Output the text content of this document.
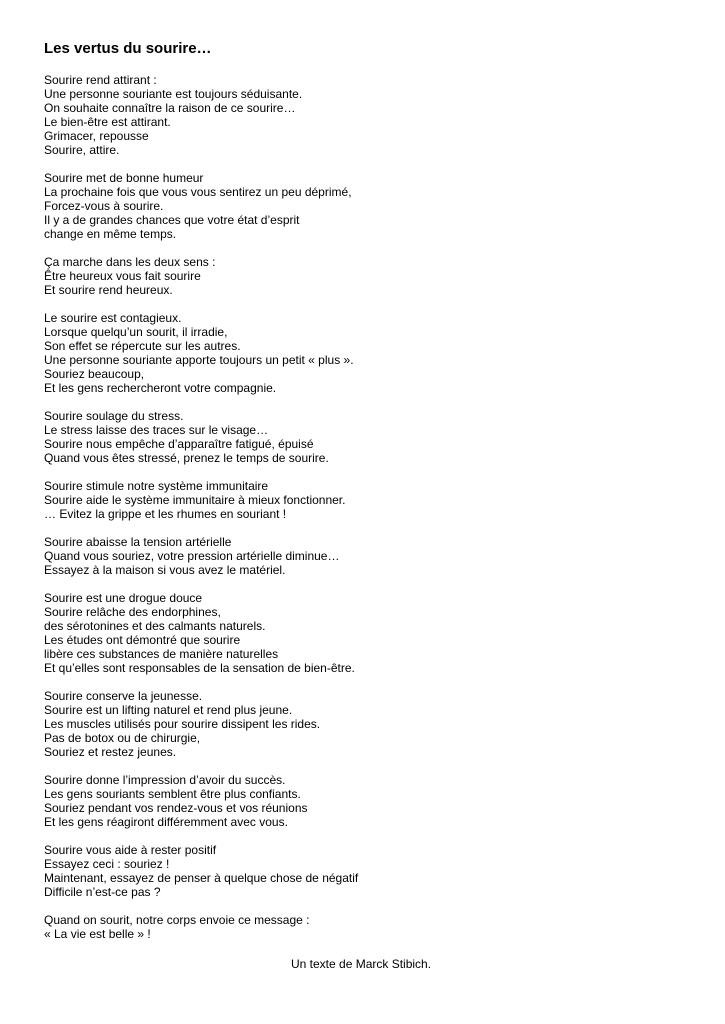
Les vertus du sourire…
Sourire rend attirant :
Une personne souriante est toujours séduisante.
On souhaite connaître la raison de ce sourire…
Le bien-être est attirant.
Grimacer, repousse
Sourire, attire.
Sourire met de bonne humeur
La prochaine fois que vous vous sentirez un peu déprimé,
Forcez-vous à sourire.
Il y a de grandes chances que votre état d’esprit
change en même temps.
Ça marche dans les deux sens :
Être heureux vous fait sourire
Et sourire rend heureux.
Le sourire est contagieux.
Lorsque quelqu’un sourit, il irradie,
Son effet se répercute sur les autres.
Une personne souriante apporte toujours un petit « plus ».
Souriez beaucoup,
Et les gens rechercheront votre compagnie.
Sourire soulage du stress.
Le stress laisse des traces sur le visage…
Sourire nous empêche d’apparaître fatigué, épuisé
Quand vous êtes stressé, prenez le temps de sourire.
Sourire stimule notre système immunitaire
Sourire aide le système immunitaire à mieux fonctionner.
… Evitez la grippe et les rhumes en souriant !
Sourire abaisse la tension artérielle
Quand vous souriez, votre pression artérielle diminue…
Essayez à la maison si vous avez le matériel.
Sourire est une drogue douce
Sourire relâche des endorphines,
des sérotonines et des calmants naturels.
Les études ont démontré que sourire
libère ces substances de manière naturelles
Et qu’elles sont responsables de la sensation de bien-être.
Sourire conserve la jeunesse.
Sourire est un lifting naturel et rend plus jeune.
Les muscles utilisés pour sourire dissipent les rides.
Pas de botox ou de chirurgie,
Souriez et restez jeunes.
Sourire donne l’impression d’avoir du succès.
Les gens souriants semblent être plus confiants.
Souriez pendant vos rendez-vous et vos réunions
Et les gens réagiront différemment avec vous.
Sourire vous aide à rester positif
Essayez ceci : souriez !
Maintenant, essayez de penser à quelque chose de négatif
Difficile n’est-ce pas ?
Quand on sourit, notre corps envoie ce message :
« La vie est belle » !
Un texte de Marck Stibich.
